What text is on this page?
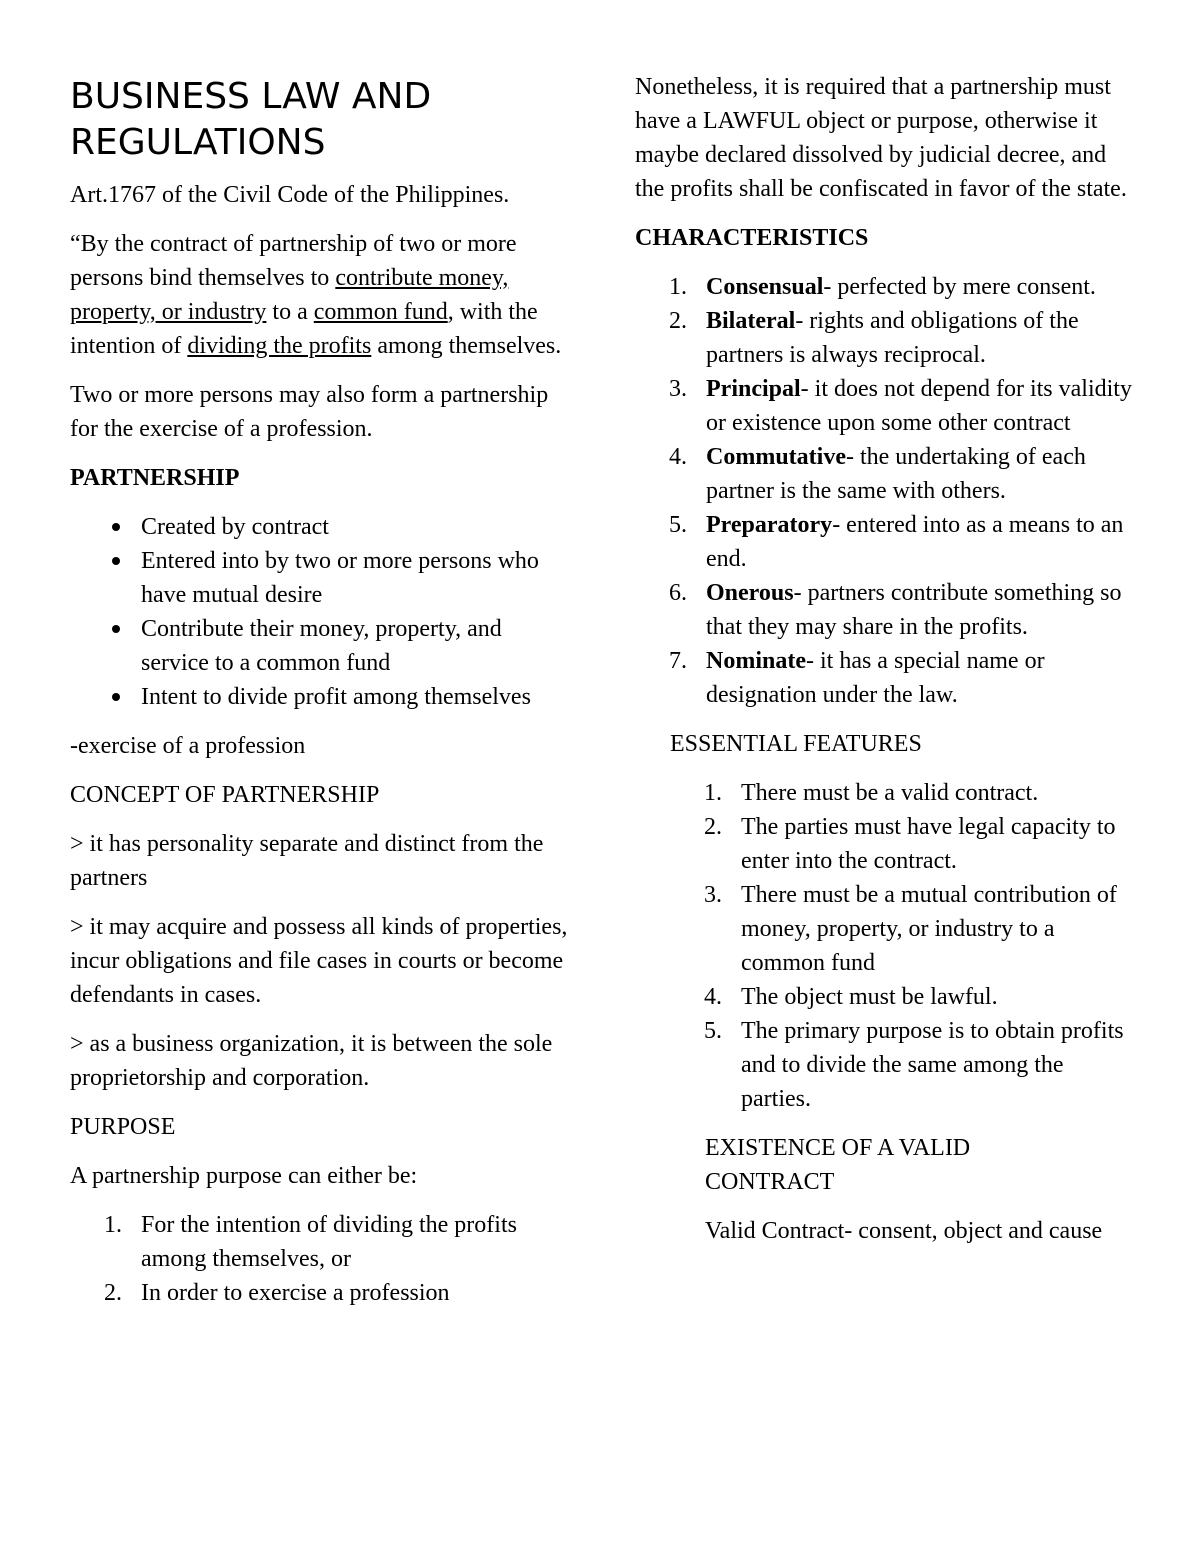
BUSINESS LAW AND REGULATIONS

Art.1767 of the Civil Code of the Philippines.

“By the contract of partnership of two or more persons bind themselves to contribute money, property, or industry to a common fund, with the intention of dividing the profits among themselves.

Two or more persons may also form a partnership for the exercise of a profession.

PARTNERSHIP
Created by contract
Entered into by two or more persons who have mutual desire
Contribute their money, property, and service to a common fund
Intent to divide profit among themselves

-exercise of a profession

CONCEPT OF PARTNERSHIP

> it has personality separate and distinct from the partners

> it may acquire and possess all kinds of properties, incur obligations and file cases in courts or become defendants in cases.

> as a business organization, it is between the sole proprietorship and corporation.

PURPOSE

A partnership purpose can either be:

1. For the intention of dividing the profits among themselves, or
2. In order to exercise a profession

Nonetheless, it is required that a partnership must have a LAWFUL object or purpose, otherwise it maybe declared dissolved by judicial decree, and the profits shall be confiscated in favor of the state.

CHARACTERISTICS
1. Consensual- perfected by mere consent.
2. Bilateral- rights and obligations of the partners is always reciprocal.
3. Principal- it does not depend for its validity or existence upon some other contract
4. Commutative- the undertaking of each partner is the same with others.
5. Preparatory- entered into as a means to an end.
6. Onerous- partners contribute something so that they may share in the profits.
7. Nominate- it has a special name or designation under the law.
ESSENTIAL FEATURES
1. There must be a valid contract.
2. The parties must have legal capacity to enter into the contract.
3. There must be a mutual contribution of money, property, or industry to a common fund
4. The object must be lawful.
5. The primary purpose is to obtain profits and to divide the same among the parties.
EXISTENCE OF A VALID CONTRACT

Valid Contract- consent, object and cause
